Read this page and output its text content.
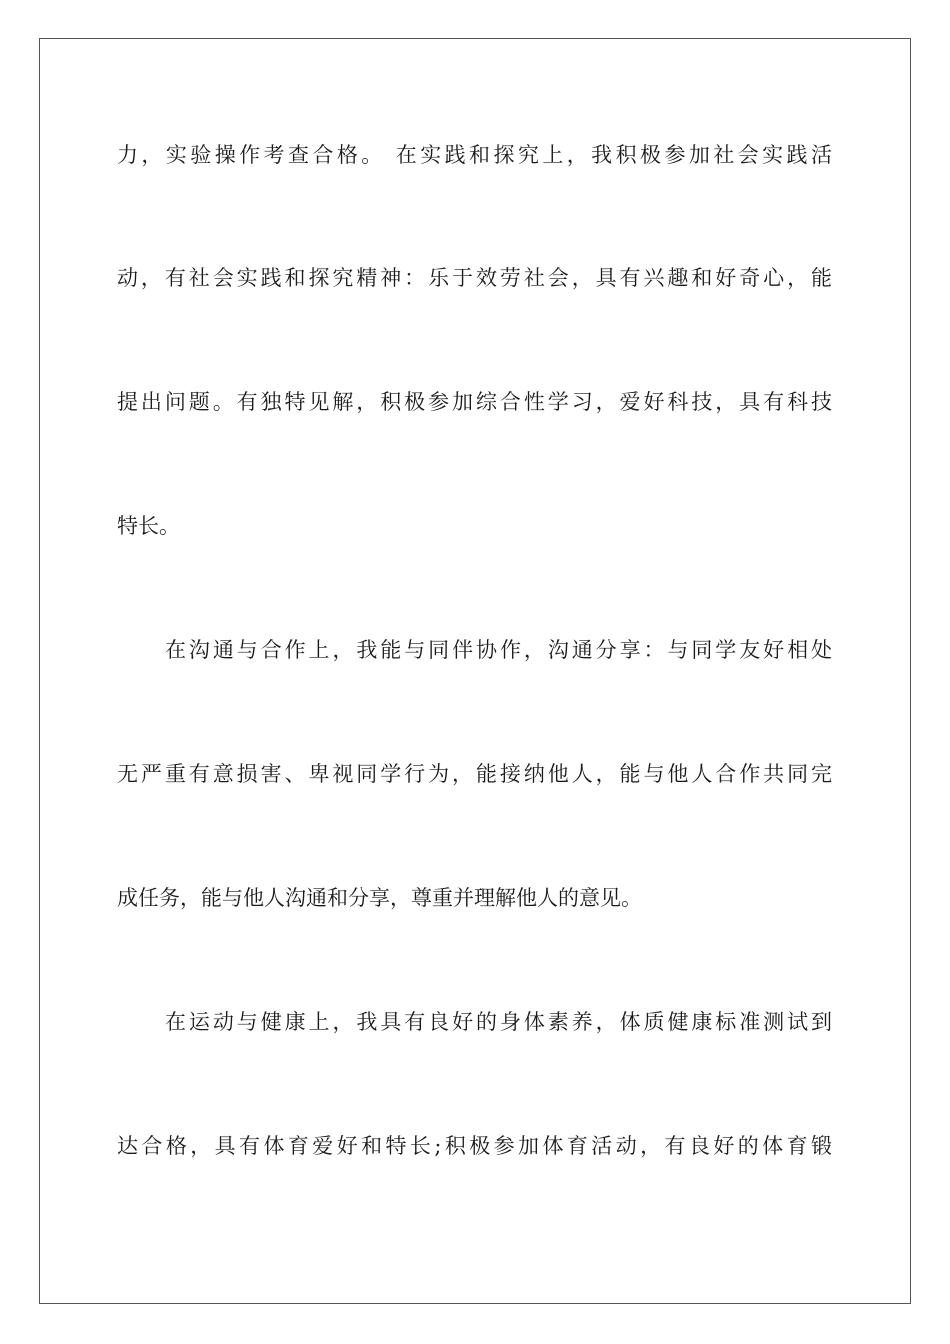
力，实验操作考查合格。 在实践和探究上，我积极参加社会实践活
动，有社会实践和探究精神：乐于效劳社会，具有兴趣和好奇心，能
提出问题。有独特见解，积极参加综合性学习，爱好科技，具有科技
特长。
在沟通与合作上，我能与同伴协作，沟通分享：与同学友好相处
无严重有意损害、卑视同学行为，能接纳他人，能与他人合作共同完
成任务，能与他人沟通和分享，尊重并理解他人的意见。
在运动与健康上，我具有良好的身体素养，体质健康标准测试到
达合格，具有体育爱好和特长;积极参加体育活动，有良好的体育锻
